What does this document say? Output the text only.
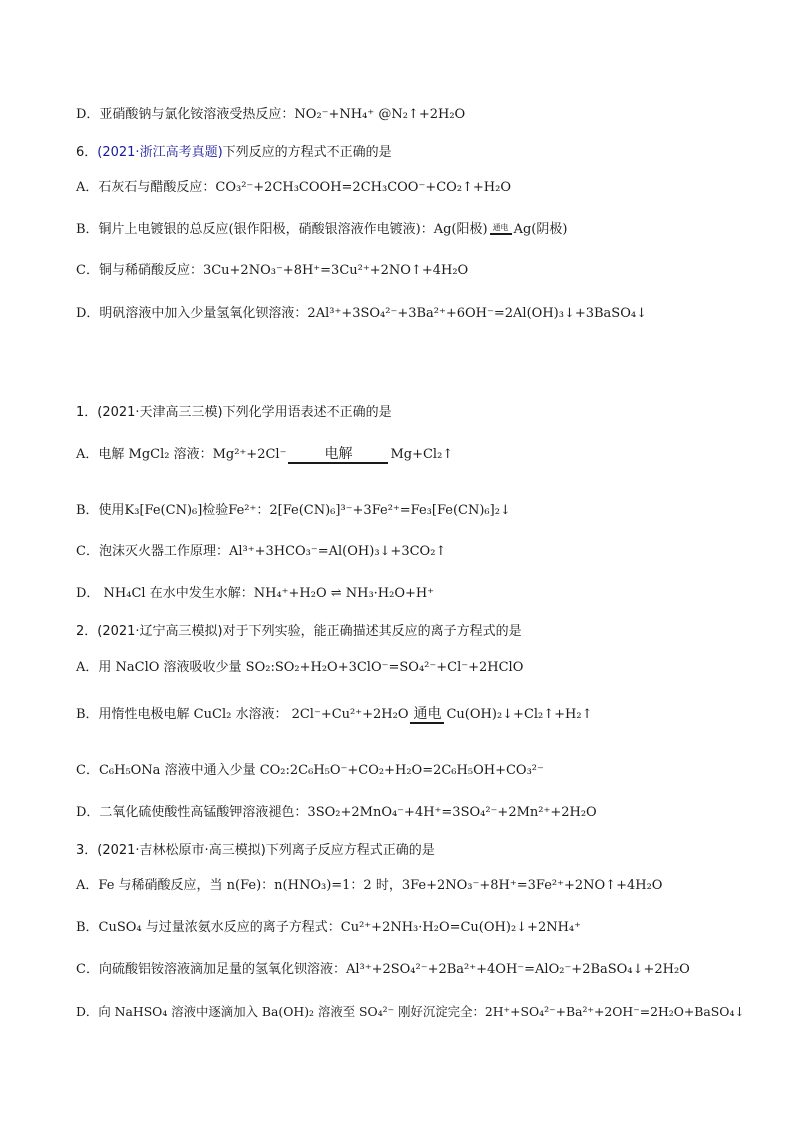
D．亚硝酸钠与氯化铵溶液受热反应：NO₂⁻+NH₄⁺ @N₂↑+2H₂O
6．(2021·浙江高考真题)下列反应的方程式不正确的是
A．石灰石与醋酸反应：CO₃²⁻+2CH₃COOH=2CH₃COO⁻+CO₂↑+H₂O
B．铜片上电镀银的总反应(银作阳极，硝酸银溶液作电镀液)：Ag(阳极) 通电 Ag(阴极)
C．铜与稀硝酸反应：3Cu+2NO₃⁻+8H⁺=3Cu²⁺+2NO↑+4H₂O
D．明矾溶液中加入少量氢氧化钡溶液：2Al³⁺+3SO₄²⁻+3Ba²⁺+6OH⁻=2Al(OH)₃↓+3BaSO₄↓
1．(2021·天津高三三模)下列化学用语表述不正确的是
A．电解 MgCl₂ 溶液：Mg²⁺+2Cl⁻	电解	Mg+Cl₂↑
B．使用K₃[Fe(CN)₆]检验Fe²⁺：2[Fe(CN)₆]³⁻+3Fe²⁺=Fe₃[Fe(CN)₆]₂↓
C．泡沫灭火器工作原理：Al³⁺+3HCO₃⁻=Al(OH)₃↓+3CO₂↑
D． NH₄Cl 在水中发生水解：NH₄⁺+H₂O ⇌ NH₃·H₂O+H⁺
2．(2021·辽宁高三模拟)对于下列实验，能正确描述其反应的离子方程式的是
A．用 NaClO 溶液吸收少量 SO₂:SO₂+H₂O+3ClO⁻=SO₄²⁻+Cl⁻+2HClO
B．用惰性电极电解 CuCl₂ 水溶液： 2Cl⁻+Cu²⁺+2H₂O 通电 Cu(OH)₂↓+Cl₂↑+H₂↑
C．C₆H₅ONa 溶液中通入少量 CO₂:2C₆H₅O⁻+CO₂+H₂O=2C₆H₅OH+CO₃²⁻
D．二氧化硫使酸性高锰酸钾溶液褪色：3SO₂+2MnO₄⁻+4H⁺=3SO₄²⁻+2Mn²⁺+2H₂O
3．(2021·吉林松原市·高三模拟)下列离子反应方程式正确的是
A．Fe 与稀硝酸反应，当 n(Fe)：n(HNO₃)=1：2 时，3Fe+2NO₃⁻+8H⁺=3Fe²⁺+2NO↑+4H₂O
B．CuSO₄ 与过量浓氨水反应的离子方程式：Cu²⁺+2NH₃·H₂O=Cu(OH)₂↓+2NH₄⁺
C．向硫酸铝铵溶液滴加足量的氢氧化钡溶液：Al³⁺+2SO₄²⁻+2Ba²⁺+4OH⁻=AlO₂⁻+2BaSO₄↓+2H₂O
D．向 NaHSO₄ 溶液中逐滴加入 Ba(OH)₂ 溶液至 SO₄²⁻ 刚好沉淀完全：2H⁺+SO₄²⁻+Ba²⁺+2OH⁻=2H₂O+BaSO₄↓
